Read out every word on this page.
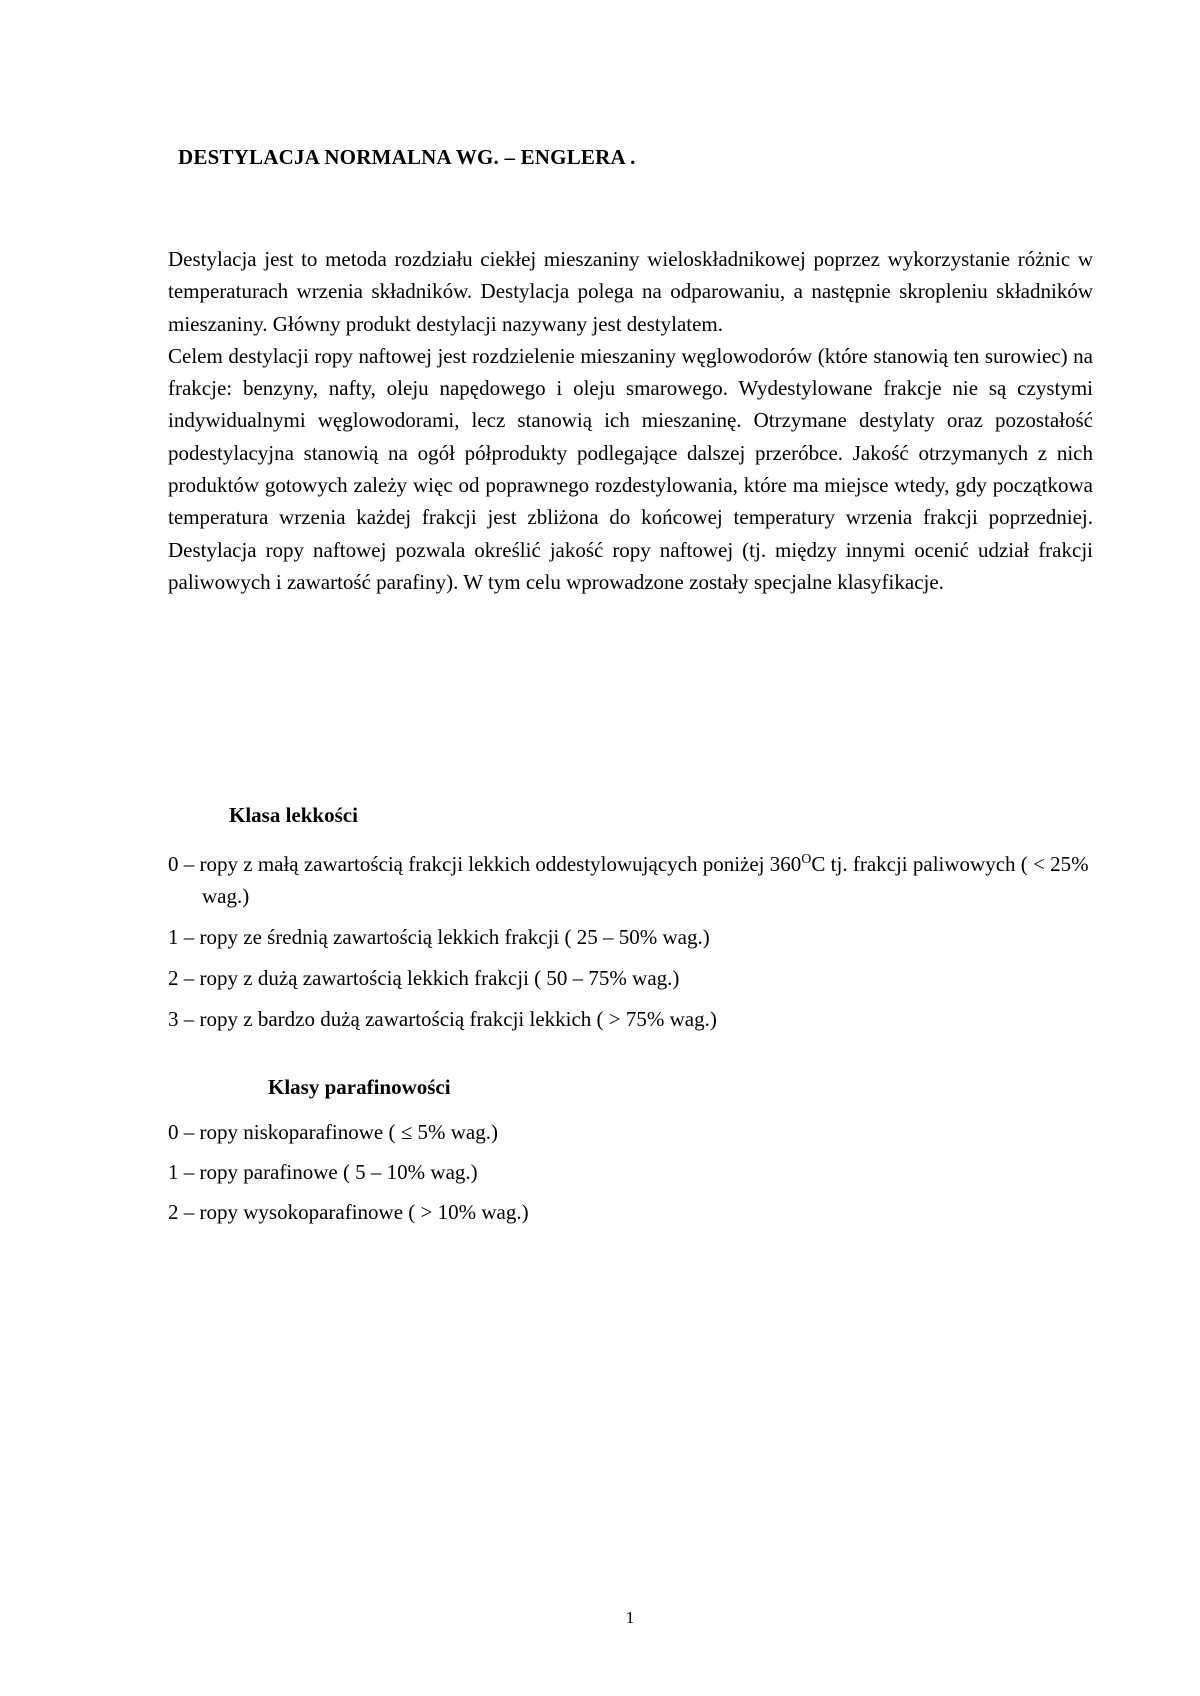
DESTYLACJA NORMALNA WG. – ENGLERA .

Destylacja jest to metoda rozdziału ciekłej mieszaniny wieloskładnikowej poprzez wykorzystanie różnic w temperaturach wrzenia składników. Destylacja polega na odparowaniu, a następnie skropleniu składników mieszaniny. Główny produkt destylacji nazywany jest destylatem.

Celem destylacji ropy naftowej jest rozdzielenie mieszaniny węglowodorów (które stanowią ten surowiec) na frakcje: benzyny, nafty, oleju napędowego i oleju smarowego. Wydestylowane frakcje nie są czystymi indywidualnymi węglowodorami, lecz stanowią ich mieszaninę. Otrzymane destylaty oraz pozostałość podestylacyjna stanowią na ogół półprodukty podlegające dalszej przeróbce. Jakość otrzymanych z nich produktów gotowych zależy więc od poprawnego rozdestylowania, które ma miejsce wtedy, gdy początkowa temperatura wrzenia każdej frakcji jest zbliżona do końcowej temperatury wrzenia frakcji poprzedniej. Destylacja ropy naftowej pozwala określić jakość ropy naftowej (tj. między innymi ocenić udział frakcji paliwowych i zawartość parafiny). W tym celu wprowadzone zostały specjalne klasyfikacje.

Klasa lekkości
0 – ropy z małą zawartością frakcji lekkich oddestylowujących poniżej $360^OC$ tj. frakcji paliwowych ( < 25% wag.)
1 – ropy ze średnią zawartością lekkich frakcji ( 25 – 50% wag.)
2 – ropy z dużą zawartością lekkich frakcji ( 50 – 75% wag.)
3 – ropy z bardzo dużą zawartością frakcji lekkich ( > 75% wag.)
Klasy parafinowości
0 – ropy niskoparafinowe ( ≤ 5% wag.)
1 – ropy parafinowe ( 5 – 10% wag.)
2 – ropy wysokoparafinowe ( > 10% wag.)
1
